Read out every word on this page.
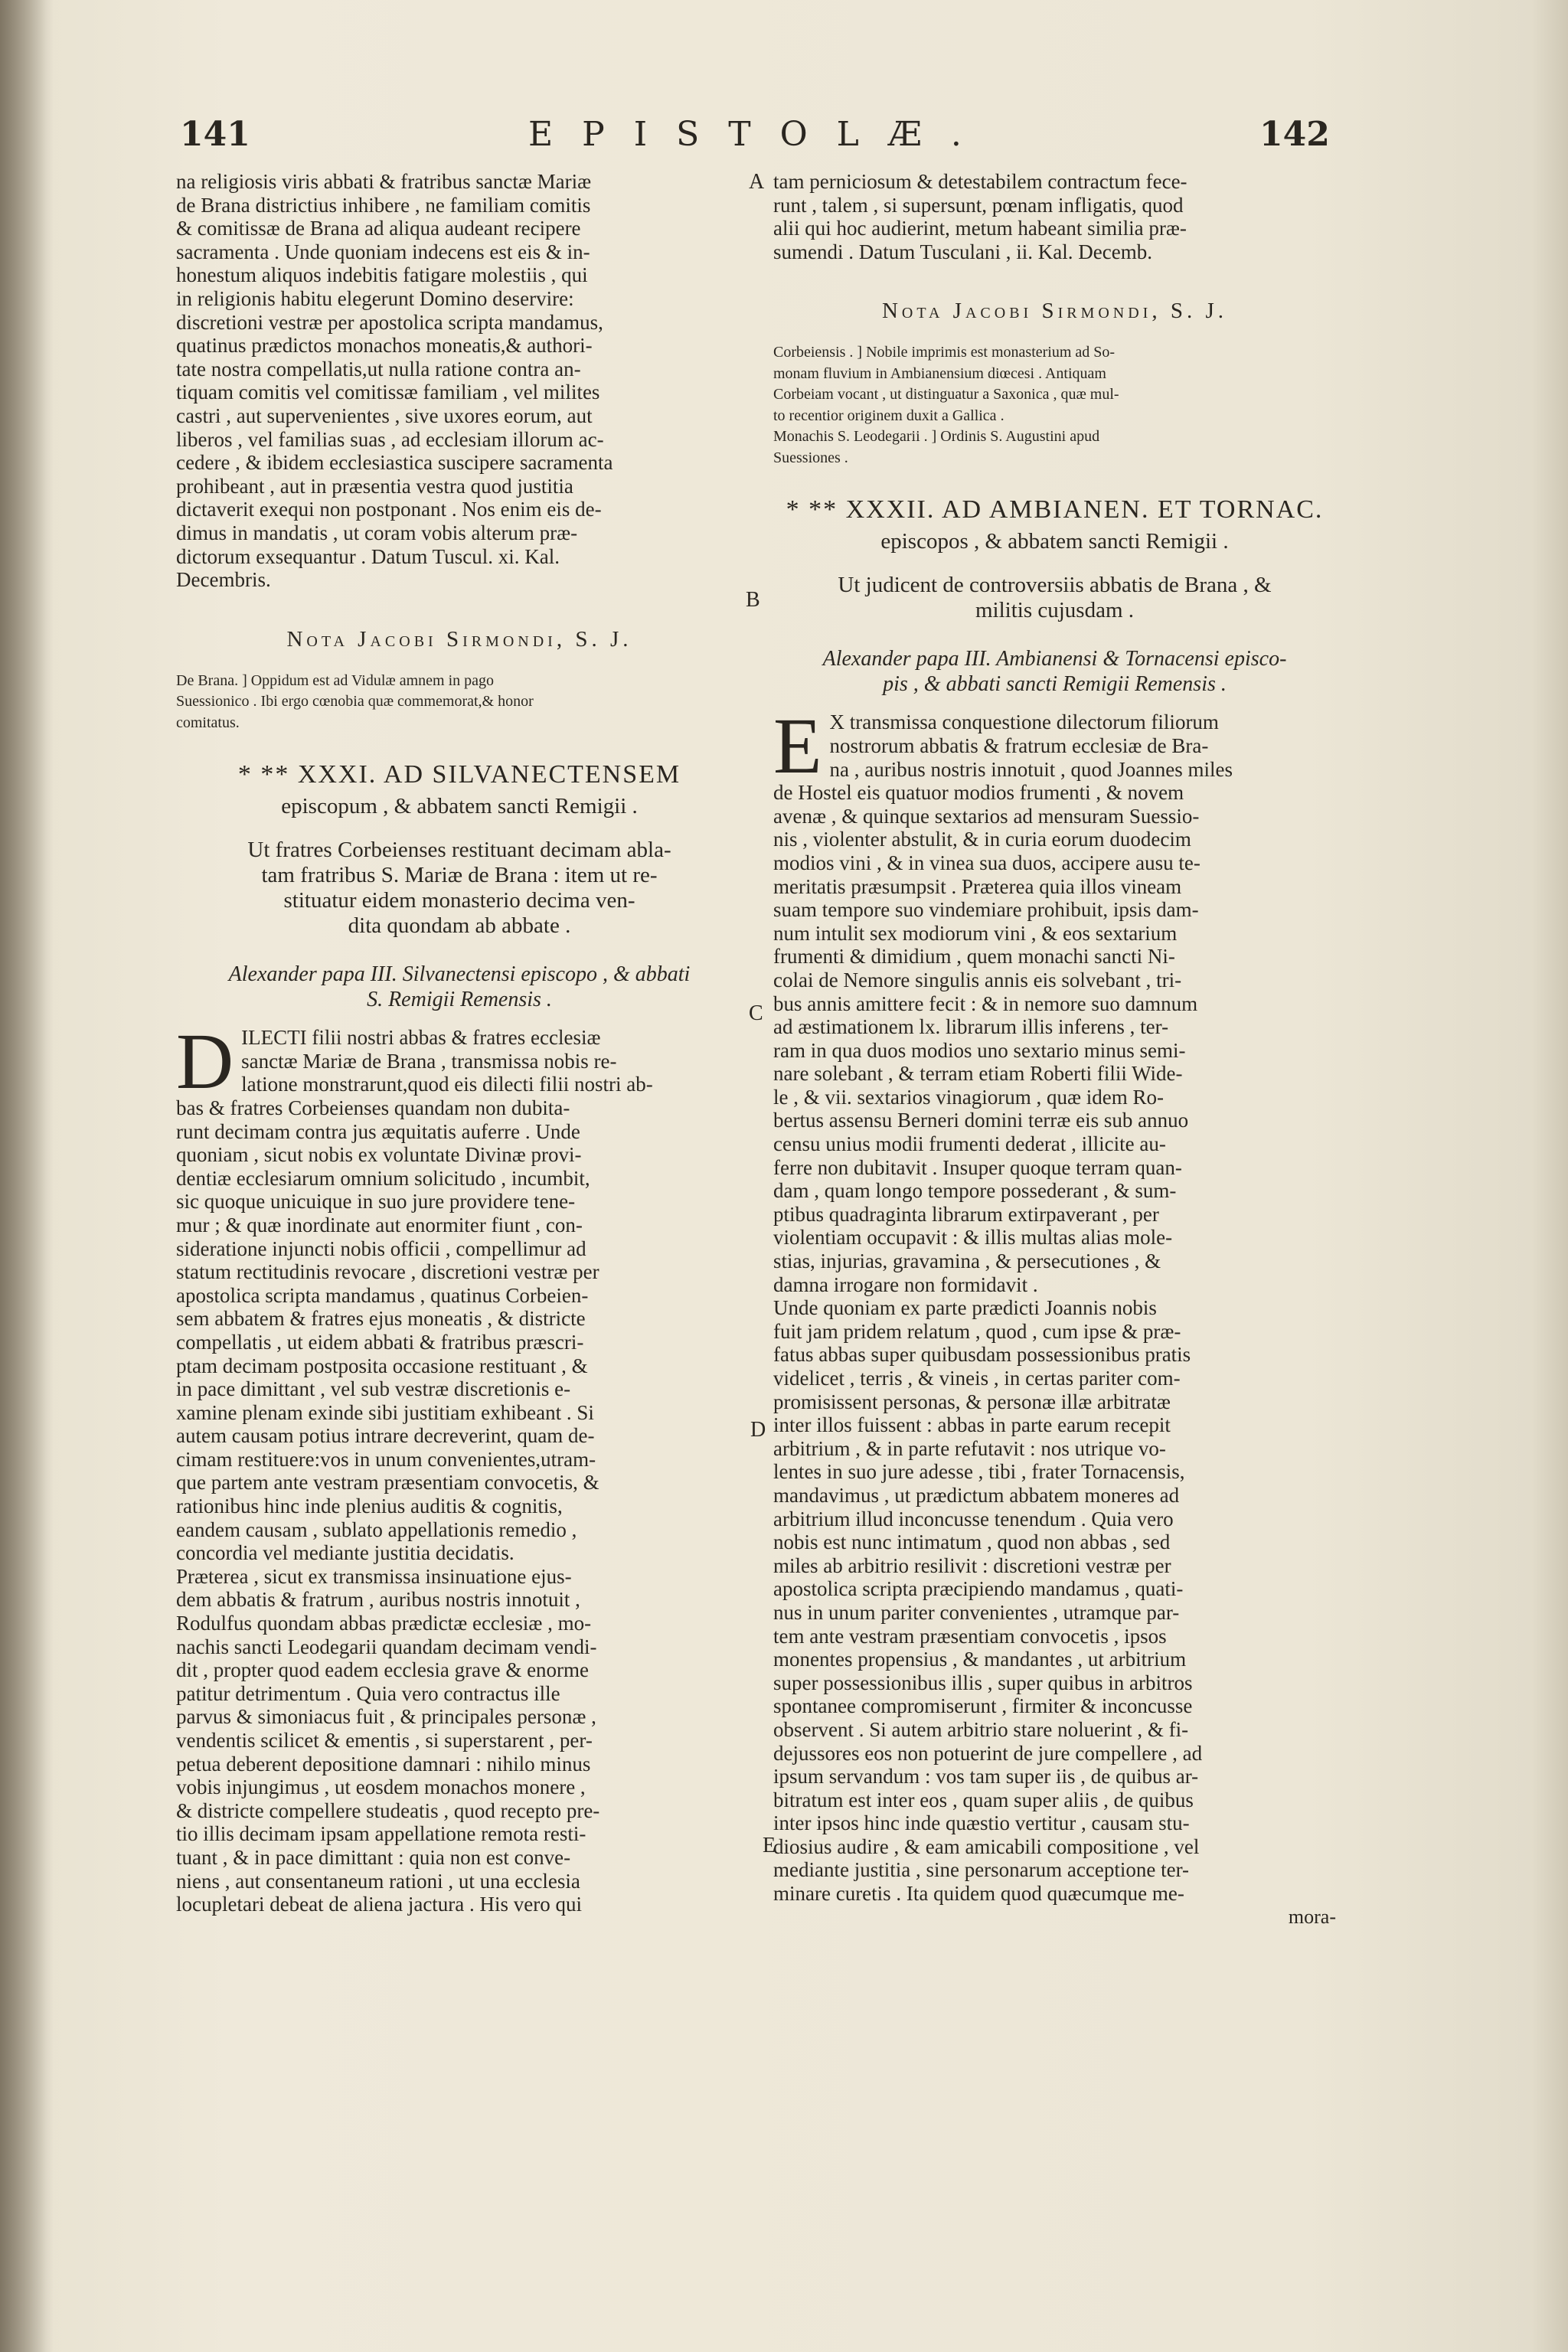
141	EPISTOLÆ.	142
A
B
C
D
E

na religiosis viris abbati & fratribus sanctæ Mariæ
de Brana districtius inhibere , ne familiam comitis
& comitissæ de Brana ad aliqua audeant recipere
sacramenta . Unde quoniam indecens est eis & in-
honestum aliquos indebitis fatigare molestiis , qui
in religionis habitu elegerunt Domino deservire:
discretioni vestræ per apostolica scripta mandamus,
quatinus prædictos monachos moneatis,& authori-
tate nostra compellatis,ut nulla ratione contra an-
tiquam comitis vel comitissæ familiam , vel milites
castri , aut supervenientes , sive uxores eorum, aut
liberos , vel familias suas , ad ecclesiam illorum ac-
cedere , & ibidem ecclesiastica suscipere sacramenta
prohibeant , aut in præsentia vestra quod justitia
dictaverit exequi non postponant . Nos enim eis de-
dimus in mandatis , ut coram vobis alterum præ-
dictorum exsequantur . Datum Tuscul. xi. Kal.
Decembris.

Nota Jacobi Sirmondi, S. J.

De Brana. ] Oppidum est ad Vidulæ amnem in pago
Suessionico . Ibi ergo cœnobia quæ commemorat,& honor
comitatus.

* ** XXXI. AD SILVANECTENSEM
episcopum , & abbatem sancti Remigii .
Ut fratres Corbeienses restituant decimam abla-
tam fratribus S. Mariæ de Brana : item ut re-
stituatur eidem monasterio decima ven-
dita quondam ab abbate .
Alexander papa III. Silvanectensi episcopo , & abbati
S. Remigii Remensis .
D ILECTI filii nostri abbas & fratres ecclesiæ
sanctæ Mariæ de Brana , transmissa nobis re-
latione monstrarunt,quod eis dilecti filii nostri ab-
bas & fratres Corbeienses quandam non dubita-
runt decimam contra jus æquitatis auferre . Unde
quoniam , sicut nobis ex voluntate Divinæ provi-
dentiæ ecclesiarum omnium solicitudo , incumbit,
sic quoque unicuique in suo jure providere tene-
mur ; & quæ inordinate aut enormiter fiunt , con-
sideratione injuncti nobis officii , compellimur ad
statum rectitudinis revocare , discretioni vestræ per
apostolica scripta mandamus , quatinus Corbeien-
sem abbatem & fratres ejus moneatis , & districte
compellatis , ut eidem abbati & fratribus præscri-
ptam decimam postposita occasione restituant , &
in pace dimittant , vel sub vestræ discretionis e-
xamine plenam exinde sibi justitiam exhibeant . Si
autem causam potius intrare decreverint, quam de-
cimam restituere:vos in unum convenientes,utram-
que partem ante vestram præsentiam convocetis, &
rationibus hinc inde plenius auditis & cognitis,
eandem causam , sublato appellationis remedio ,
concordia vel mediante justitia decidatis.
Præterea , sicut ex transmissa insinuatione ejus-
dem abbatis & fratrum , auribus nostris innotuit ,
Rodulfus quondam abbas prædictæ ecclesiæ , mo-
nachis sancti Leodegarii quandam decimam vendi-
dit , propter quod eadem ecclesia grave & enorme
patitur detrimentum . Quia vero contractus ille
parvus & simoniacus fuit , & principales personæ ,
vendentis scilicet & ementis , si superstarent , per-
petua deberent depositione damnari : nihilo minus
vobis injungimus , ut eosdem monachos monere ,
& districte compellere studeatis , quod recepto pre-
tio illis decimam ipsam appellatione remota resti-
tuant , & in pace dimittant : quia non est conve-
niens , aut consentaneum rationi , ut una ecclesia
locupletari debeat de aliena jactura . His vero qui

tam perniciosum & detestabilem contractum fece-
runt , talem , si supersunt, pœnam infligatis, quod
alii qui hoc audierint, metum habeant similia præ-
sumendi . Datum Tusculani , ii. Kal. Decemb.

Nota Jacobi Sirmondi, S. J.

Corbeiensis . ] Nobile imprimis est monasterium ad So-
monam fluvium in Ambianensium diœcesi . Antiquam
Corbeiam vocant , ut distinguatur a Saxonica , quæ mul-
to recentior originem duxit a Gallica .
Monachis S. Leodegarii . ] Ordinis S. Augustini apud
Suessiones .

* ** XXXII. AD AMBIANEN. ET TORNAC.
episcopos , & abbatem sancti Remigii .
Ut judicent de controversiis abbatis de Brana , &
militis cujusdam .
Alexander papa III. Ambianensi & Tornacensi episco-
pis , & abbati sancti Remigii Remensis .
E X transmissa conquestione dilectorum filiorum
nostrorum abbatis & fratrum ecclesiæ de Bra-
na , auribus nostris innotuit , quod Joannes miles
de Hostel eis quatuor modios frumenti , & novem
avenæ , & quinque sextarios ad mensuram Suessio-
nis , violenter abstulit, & in curia eorum duodecim
modios vini , & in vinea sua duos, accipere ausu te-
meritatis præsumpsit . Præterea quia illos vineam
suam tempore suo vindemiare prohibuit, ipsis dam-
num intulit sex modiorum vini , & eos sextarium
frumenti & dimidium , quem monachi sancti Ni-
colai de Nemore singulis annis eis solvebant , tri-
bus annis amittere fecit : & in nemore suo damnum
ad æstimationem lx. librarum illis inferens , ter-
ram in qua duos modios uno sextario minus semi-
nare solebant , & terram etiam Roberti filii Wide-
le , & vii. sextarios vinagiorum , quæ idem Ro-
bertus assensu Berneri domini terræ eis sub annuo
censu unius modii frumenti dederat , illicite au-
ferre non dubitavit . Insuper quoque terram quan-
dam , quam longo tempore possederant , & sum-
ptibus quadraginta librarum extirpaverant , per
violentiam occupavit : & illis multas alias mole-
stias, injurias, gravamina , & persecutiones , &
damna irrogare non formidavit .
Unde quoniam ex parte prædicti Joannis nobis
fuit jam pridem relatum , quod , cum ipse & præ-
fatus abbas super quibusdam possessionibus pratis
videlicet , terris , & vineis , in certas pariter com-
promisissent personas, & personæ illæ arbitratæ
inter illos fuissent : abbas in parte earum recepit
arbitrium , & in parte refutavit : nos utrique vo-
lentes in suo jure adesse , tibi , frater Tornacensis,
mandavimus , ut prædictum abbatem moneres ad
arbitrium illud inconcusse tenendum . Quia vero
nobis est nunc intimatum , quod non abbas , sed
miles ab arbitrio resilivit : discretioni vestræ per
apostolica scripta præcipiendo mandamus , quati-
nus in unum pariter convenientes , utramque par-
tem ante vestram præsentiam convocetis , ipsos
monentes propensius , & mandantes , ut arbitrium
super possessionibus illis , super quibus in arbitros
spontanee compromiserunt , firmiter & inconcusse
observent . Si autem arbitrio stare noluerint , & fi-
dejussores eos non potuerint de jure compellere , ad
ipsum servandum : vos tam super iis , de quibus ar-
bitratum est inter eos , quam super aliis , de quibus
inter ipsos hinc inde quæstio vertitur , causam stu-
diosius audire , & eam amicabili compositione , vel
mediante justitia , sine personarum acceptione ter-
minare curetis . Ita quidem quod quæcumque me-

mora-
